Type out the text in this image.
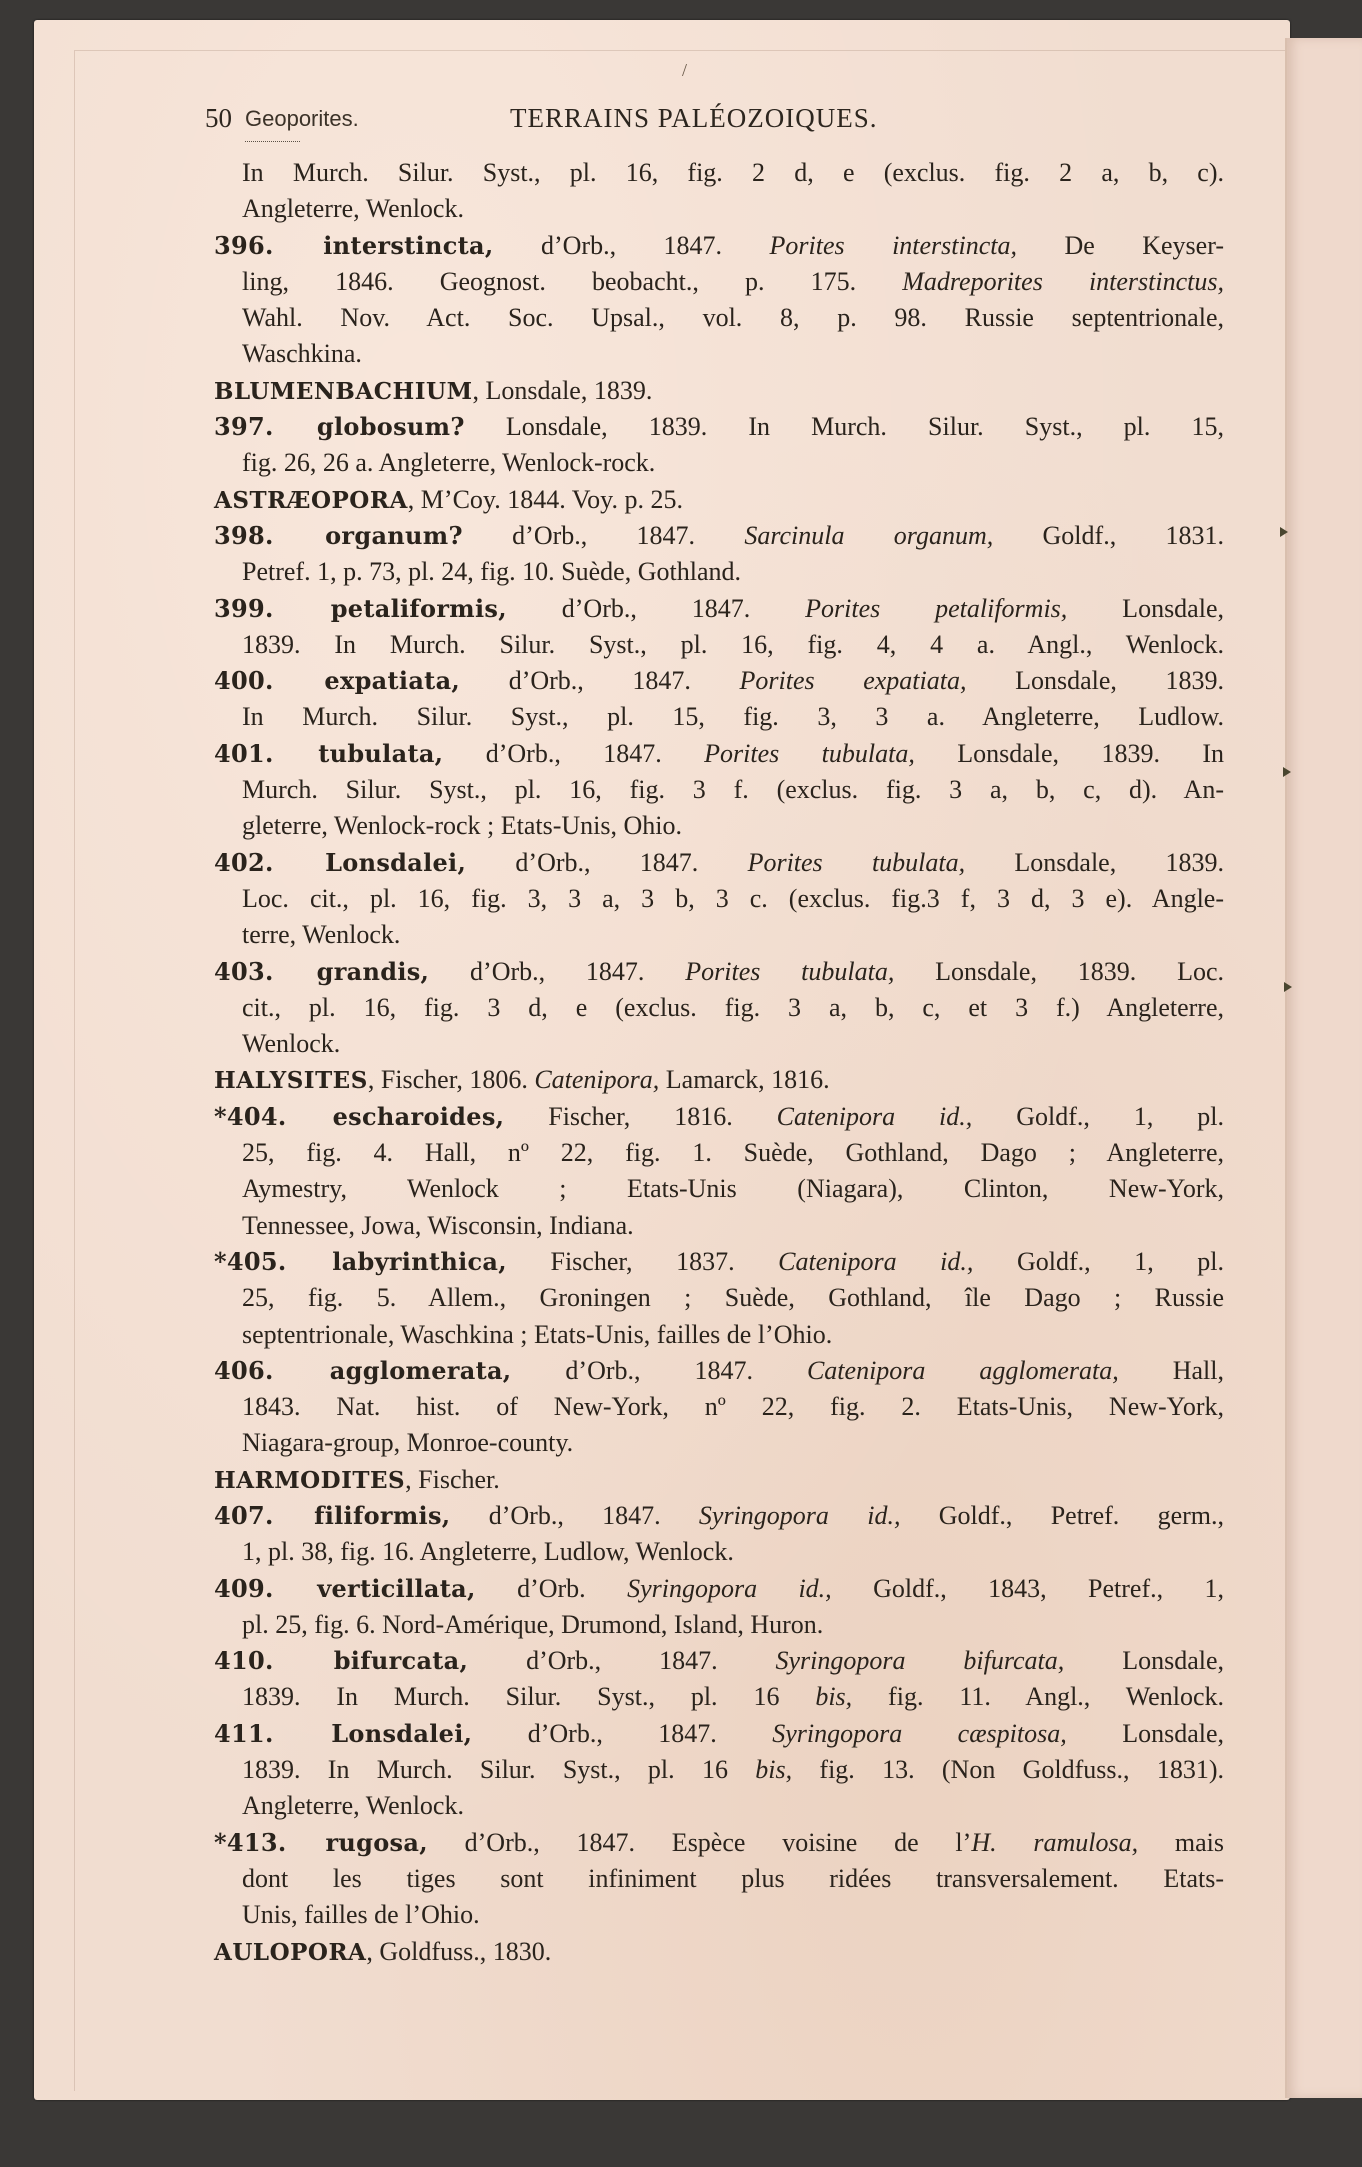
/
50 Geoporites.	TERRAINS PALÉOZOIQUES.
In Murch. Silur. Syst., pl. 16, fig. 2 d, e (exclus. fig. 2 a, b, c).
Angleterre, Wenlock.
396. interstincta, d’Orb., 1847. Porites interstincta, De Keyser-
ling, 1846. Geognost. beobacht., p. 175. Madreporites interstinctus,
Wahl. Nov. Act. Soc. Upsal., vol. 8, p. 98. Russie septentrionale,
Waschkina.
BLUMENBACHIUM, Lonsdale, 1839.
397. globosum? Lonsdale, 1839. In Murch. Silur. Syst., pl. 15,
fig. 26, 26 a. Angleterre, Wenlock-rock.
ASTRÆOPORA, M’Coy. 1844. Voy. p. 25.
398. organum? d’Orb., 1847. Sarcinula organum, Goldf., 1831.
Petref. 1, p. 73, pl. 24, fig. 10. Suède, Gothland.
399. petaliformis, d’Orb., 1847. Porites petaliformis, Lonsdale,
1839. In Murch. Silur. Syst., pl. 16, fig. 4, 4 a. Angl., Wenlock.
400. expatiata, d’Orb., 1847. Porites expatiata, Lonsdale, 1839.
In Murch. Silur. Syst., pl. 15, fig. 3, 3 a. Angleterre, Ludlow.
401. tubulata, d’Orb., 1847. Porites tubulata, Lonsdale, 1839. In
Murch. Silur. Syst., pl. 16, fig. 3 f. (exclus. fig. 3 a, b, c, d). An-
gleterre, Wenlock-rock ; Etats-Unis, Ohio.
402. Lonsdalei, d’Orb., 1847. Porites tubulata, Lonsdale, 1839.
Loc. cit., pl. 16, fig. 3, 3 a, 3 b, 3 c. (exclus. fig.3 f, 3 d, 3 e). Angle-
terre, Wenlock.
403. grandis, d’Orb., 1847. Porites tubulata, Lonsdale, 1839. Loc.
cit., pl. 16, fig. 3 d, e (exclus. fig. 3 a, b, c, et 3 f.) Angleterre,
Wenlock.
HALYSITES, Fischer, 1806. Catenipora, Lamarck, 1816.
*404. escharoides, Fischer, 1816. Catenipora id., Goldf., 1, pl.
25, fig. 4. Hall, nº 22, fig. 1. Suède, Gothland, Dago ; Angleterre,
Aymestry, Wenlock ; Etats-Unis (Niagara), Clinton, New-York,
Tennessee, Jowa, Wisconsin, Indiana.
*405. labyrinthica, Fischer, 1837. Catenipora id., Goldf., 1, pl.
25, fig. 5. Allem., Groningen ; Suède, Gothland, île Dago ; Russie
septentrionale, Waschkina ; Etats-Unis, failles de l’Ohio.
406. agglomerata, d’Orb., 1847. Catenipora agglomerata, Hall,
1843. Nat. hist. of New-York, nº 22, fig. 2. Etats-Unis, New-York,
Niagara-group, Monroe-county.
HARMODITES, Fischer.
407. filiformis, d’Orb., 1847. Syringopora id., Goldf., Petref. germ.,
1, pl. 38, fig. 16. Angleterre, Ludlow, Wenlock.
409. verticillata, d’Orb. Syringopora id., Goldf., 1843, Petref., 1,
pl. 25, fig. 6. Nord-Amérique, Drumond, Island, Huron.
410. bifurcata, d’Orb., 1847. Syringopora bifurcata, Lonsdale,
1839. In Murch. Silur. Syst., pl. 16 bis, fig. 11. Angl., Wenlock.
411. Lonsdalei, d’Orb., 1847. Syringopora cæspitosa, Lonsdale,
1839. In Murch. Silur. Syst., pl. 16 bis, fig. 13. (Non Goldfuss., 1831).
Angleterre, Wenlock.
*413. rugosa, d’Orb., 1847. Espèce voisine de l’H. ramulosa, mais
dont les tiges sont infiniment plus ridées transversalement. Etats-
Unis, failles de l’Ohio.
AULOPORA, Goldfuss., 1830.
